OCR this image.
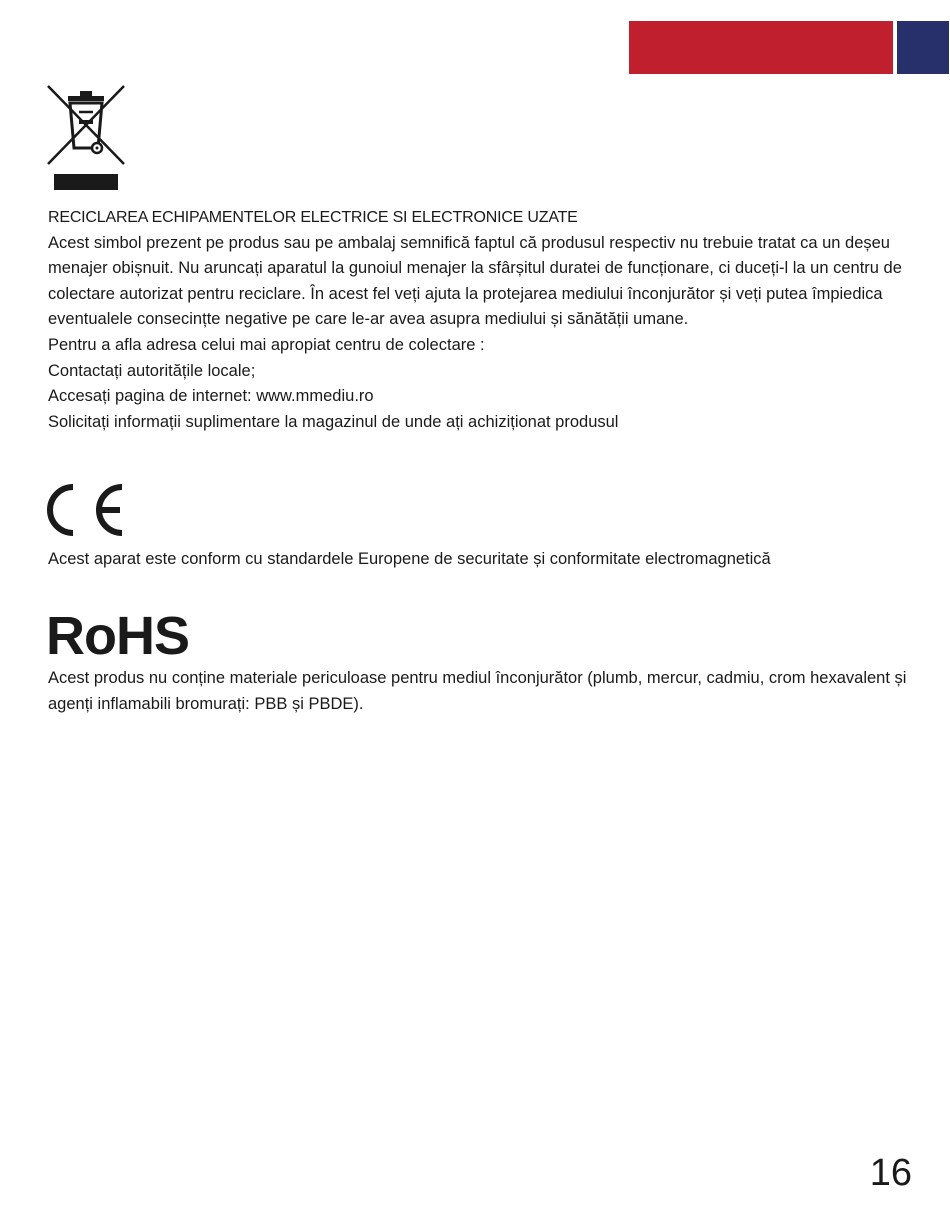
RECICLAREA ECHIPAMENTELOR ELECTRICE SI ELECTRONICE UZATE

Acest simbol prezent pe produs sau pe ambalaj semnifică faptul că produsul respectiv nu trebuie tratat ca un deșeu menajer obișnuit. Nu aruncați aparatul la gunoiul menajer la sfârșitul duratei de funcționare, ci duceți-l la un centru de colectare autorizat pentru reciclare. În acest fel veți ajuta la protejarea mediului înconjurător și veți putea împiedica eventualele consecințte negative pe care le-ar avea asupra mediului și sănătății umane.

Pentru a afla adresa celui mai apropiat centru de colectare :

Contactați autoritățile locale;

Accesați pagina de internet: www.mmediu.ro

Solicitați informații suplimentare la magazinul de unde ați achiziționat produsul

Acest aparat este conform cu standardele Europene de securitate și conformitate electromagnetică

RoHS

Acest produs nu conține materiale periculoase pentru mediul înconjurător (plumb, mercur, cadmiu, crom hexavalent și agenți inflamabili bromurați: PBB și PBDE).

16
